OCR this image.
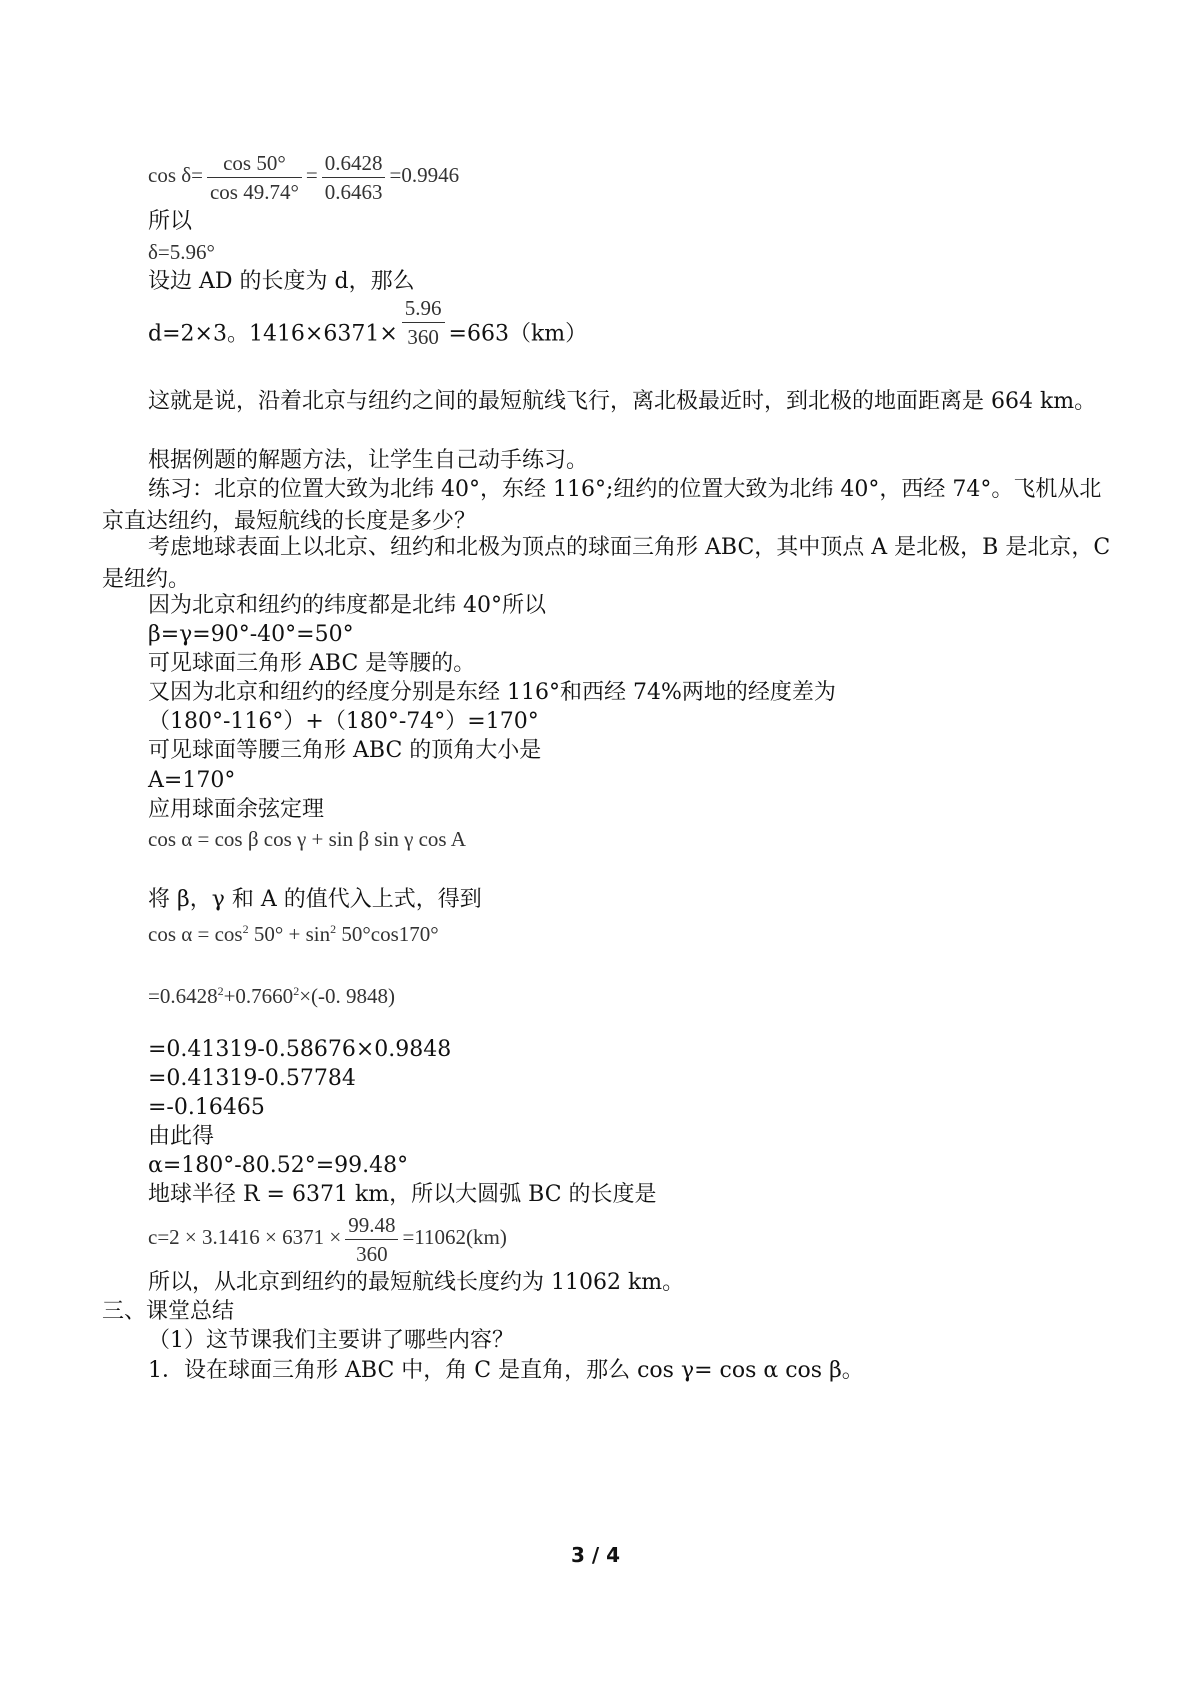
$\cos \delta= \frac{\cos 50^\circ}{\cos 49.74^\circ} = \frac{0.6428}{0.6463} =0.9946$
所以
δ=5.96°
设边 AD 的长度为 d，那么
d=2×3。$1416\times 6371\times \frac{5.96}{360} =663(km)$
这就是说，沿着北京与纽约之间的最短航线飞行，离北极最近时，到北极的地面距离是 664 km。
根据例题的解题方法，让学生自己动手练习。
练习：北京的位置大致为北纬 40°，东经 116°;纽约的位置大致为北纬 40°，西经 74°。飞机从北京直达纽约，最短航线的长度是多少？
考虑地球表面上以北京、纽约和北极为顶点的球面三角形 ABC，其中顶点 A 是北极，B 是北京，C 是纽约。
因为北京和纽约的纬度都是北纬 40°所以
β=γ=90°-40°=50°
可见球面三角形 ABC 是等腰的。
又因为北京和纽约的经度分别是东经 116°和西经 74%两地的经度差为
（180°-116°）+（180°-74°）=170°
可见球面等腰三角形 ABC 的顶角大小是
A=170°
应用球面余弦定理
cos α = cos β cos γ + sin β sin γ cos A
将 β，γ 和 A 的值代入上式，得到
$\cos \alpha = \cos^2 50^\circ + \sin^2 50^\circ\cos 170^\circ$
$=0.6428^2+0.7660^2\times(-0$. 9848)
=0.41319-0.58676×0.9848
=0.41319-0.57784
=-0.16465
由此得
α=180°-80.52°=99.48°
地球半径 R = 6371 km，所以大圆弧 BC 的长度是
$c=2 \times 3.1416 \times 6371 \times \frac{99.48}{360} =11062(km)$
所以，从北京到纽约的最短航线长度约为 11062 km。
三、课堂总结
（1）这节课我们主要讲了哪些内容？
1．设在球面三角形 ABC 中，角 C 是直角，那么 cos γ= cos α cos β。
3 / 4
